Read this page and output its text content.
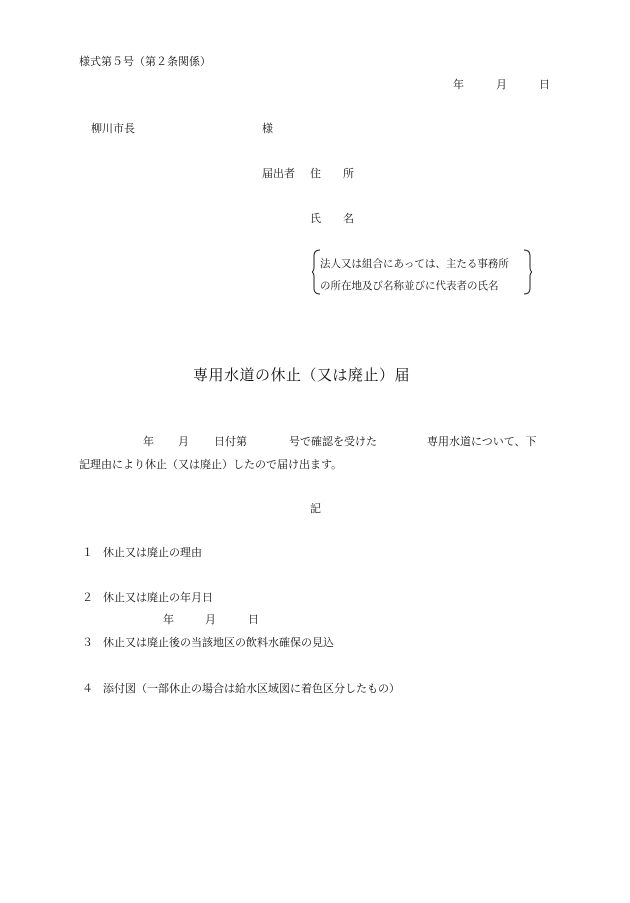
様式第５号（第２条関係）
年	月	日
柳川市長	様
届出者 住　　所
氏　　名
法人又は組合にあっては、主たる事務所
の所在地及び名称並びに代表者の氏名
専用水道の休止（又は廃止）届
年 月 日付第	号で確認を受けた	専用水道について、下
記理由により休止（又は廃止）したので届け出ます。
記
１ 休止又は廃止の理由
２ 休止又は廃止の年月日
年	月	日
３ 休止又は廃止後の当該地区の飲料水確保の見込
４ 添付図（一部休止の場合は給水区域図に着色区分したもの）
